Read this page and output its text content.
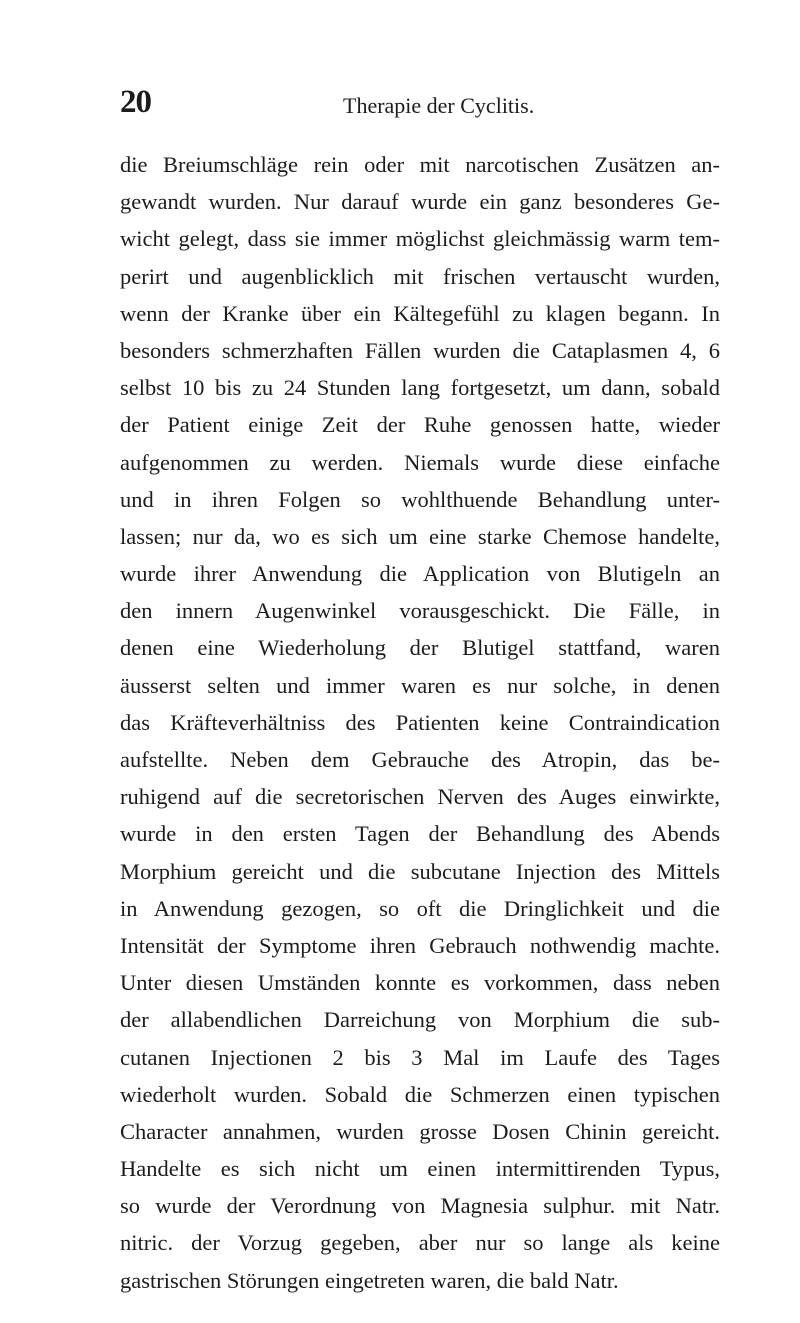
20	Therapie der Cyclitis.
die Breiumschläge rein oder mit narcotischen Zusätzen an-
gewandt wurden. Nur darauf wurde ein ganz besonderes Ge-
wicht gelegt, dass sie immer möglichst gleichmässig warm tem-
perirt und augenblicklich mit frischen vertauscht wurden,
wenn der Kranke über ein Kältegefühl zu klagen begann. In
besonders schmerzhaften Fällen wurden die Cataplasmen 4, 6
selbst 10 bis zu 24 Stunden lang fortgesetzt, um dann, sobald
der Patient einige Zeit der Ruhe genossen hatte, wieder
aufgenommen zu werden. Niemals wurde diese einfache
und in ihren Folgen so wohlthuende Behandlung unter-
lassen; nur da, wo es sich um eine starke Chemose handelte,
wurde ihrer Anwendung die Application von Blutigeln an
den innern Augenwinkel vorausgeschickt. Die Fälle, in
denen eine Wiederholung der Blutigel stattfand, waren
äusserst selten und immer waren es nur solche, in denen
das Kräfteverhältniss des Patienten keine Contraindication
aufstellte. Neben dem Gebrauche des Atropin, das be-
ruhigend auf die secretorischen Nerven des Auges einwirkte,
wurde in den ersten Tagen der Behandlung des Abends
Morphium gereicht und die subcutane Injection des Mittels
in Anwendung gezogen, so oft die Dringlichkeit und die
Intensität der Symptome ihren Gebrauch nothwendig machte.
Unter diesen Umständen konnte es vorkommen, dass neben
der allabendlichen Darreichung von Morphium die sub-
cutanen Injectionen 2 bis 3 Mal im Laufe des Tages
wiederholt wurden. Sobald die Schmerzen einen typischen
Character annahmen, wurden grosse Dosen Chinin gereicht.
Handelte es sich nicht um einen intermittirenden Typus,
so wurde der Verordnung von Magnesia sulphur. mit Natr.
nitric. der Vorzug gegeben, aber nur so lange als keine
gastrischen Störungen eingetreten waren, die bald Natr.
